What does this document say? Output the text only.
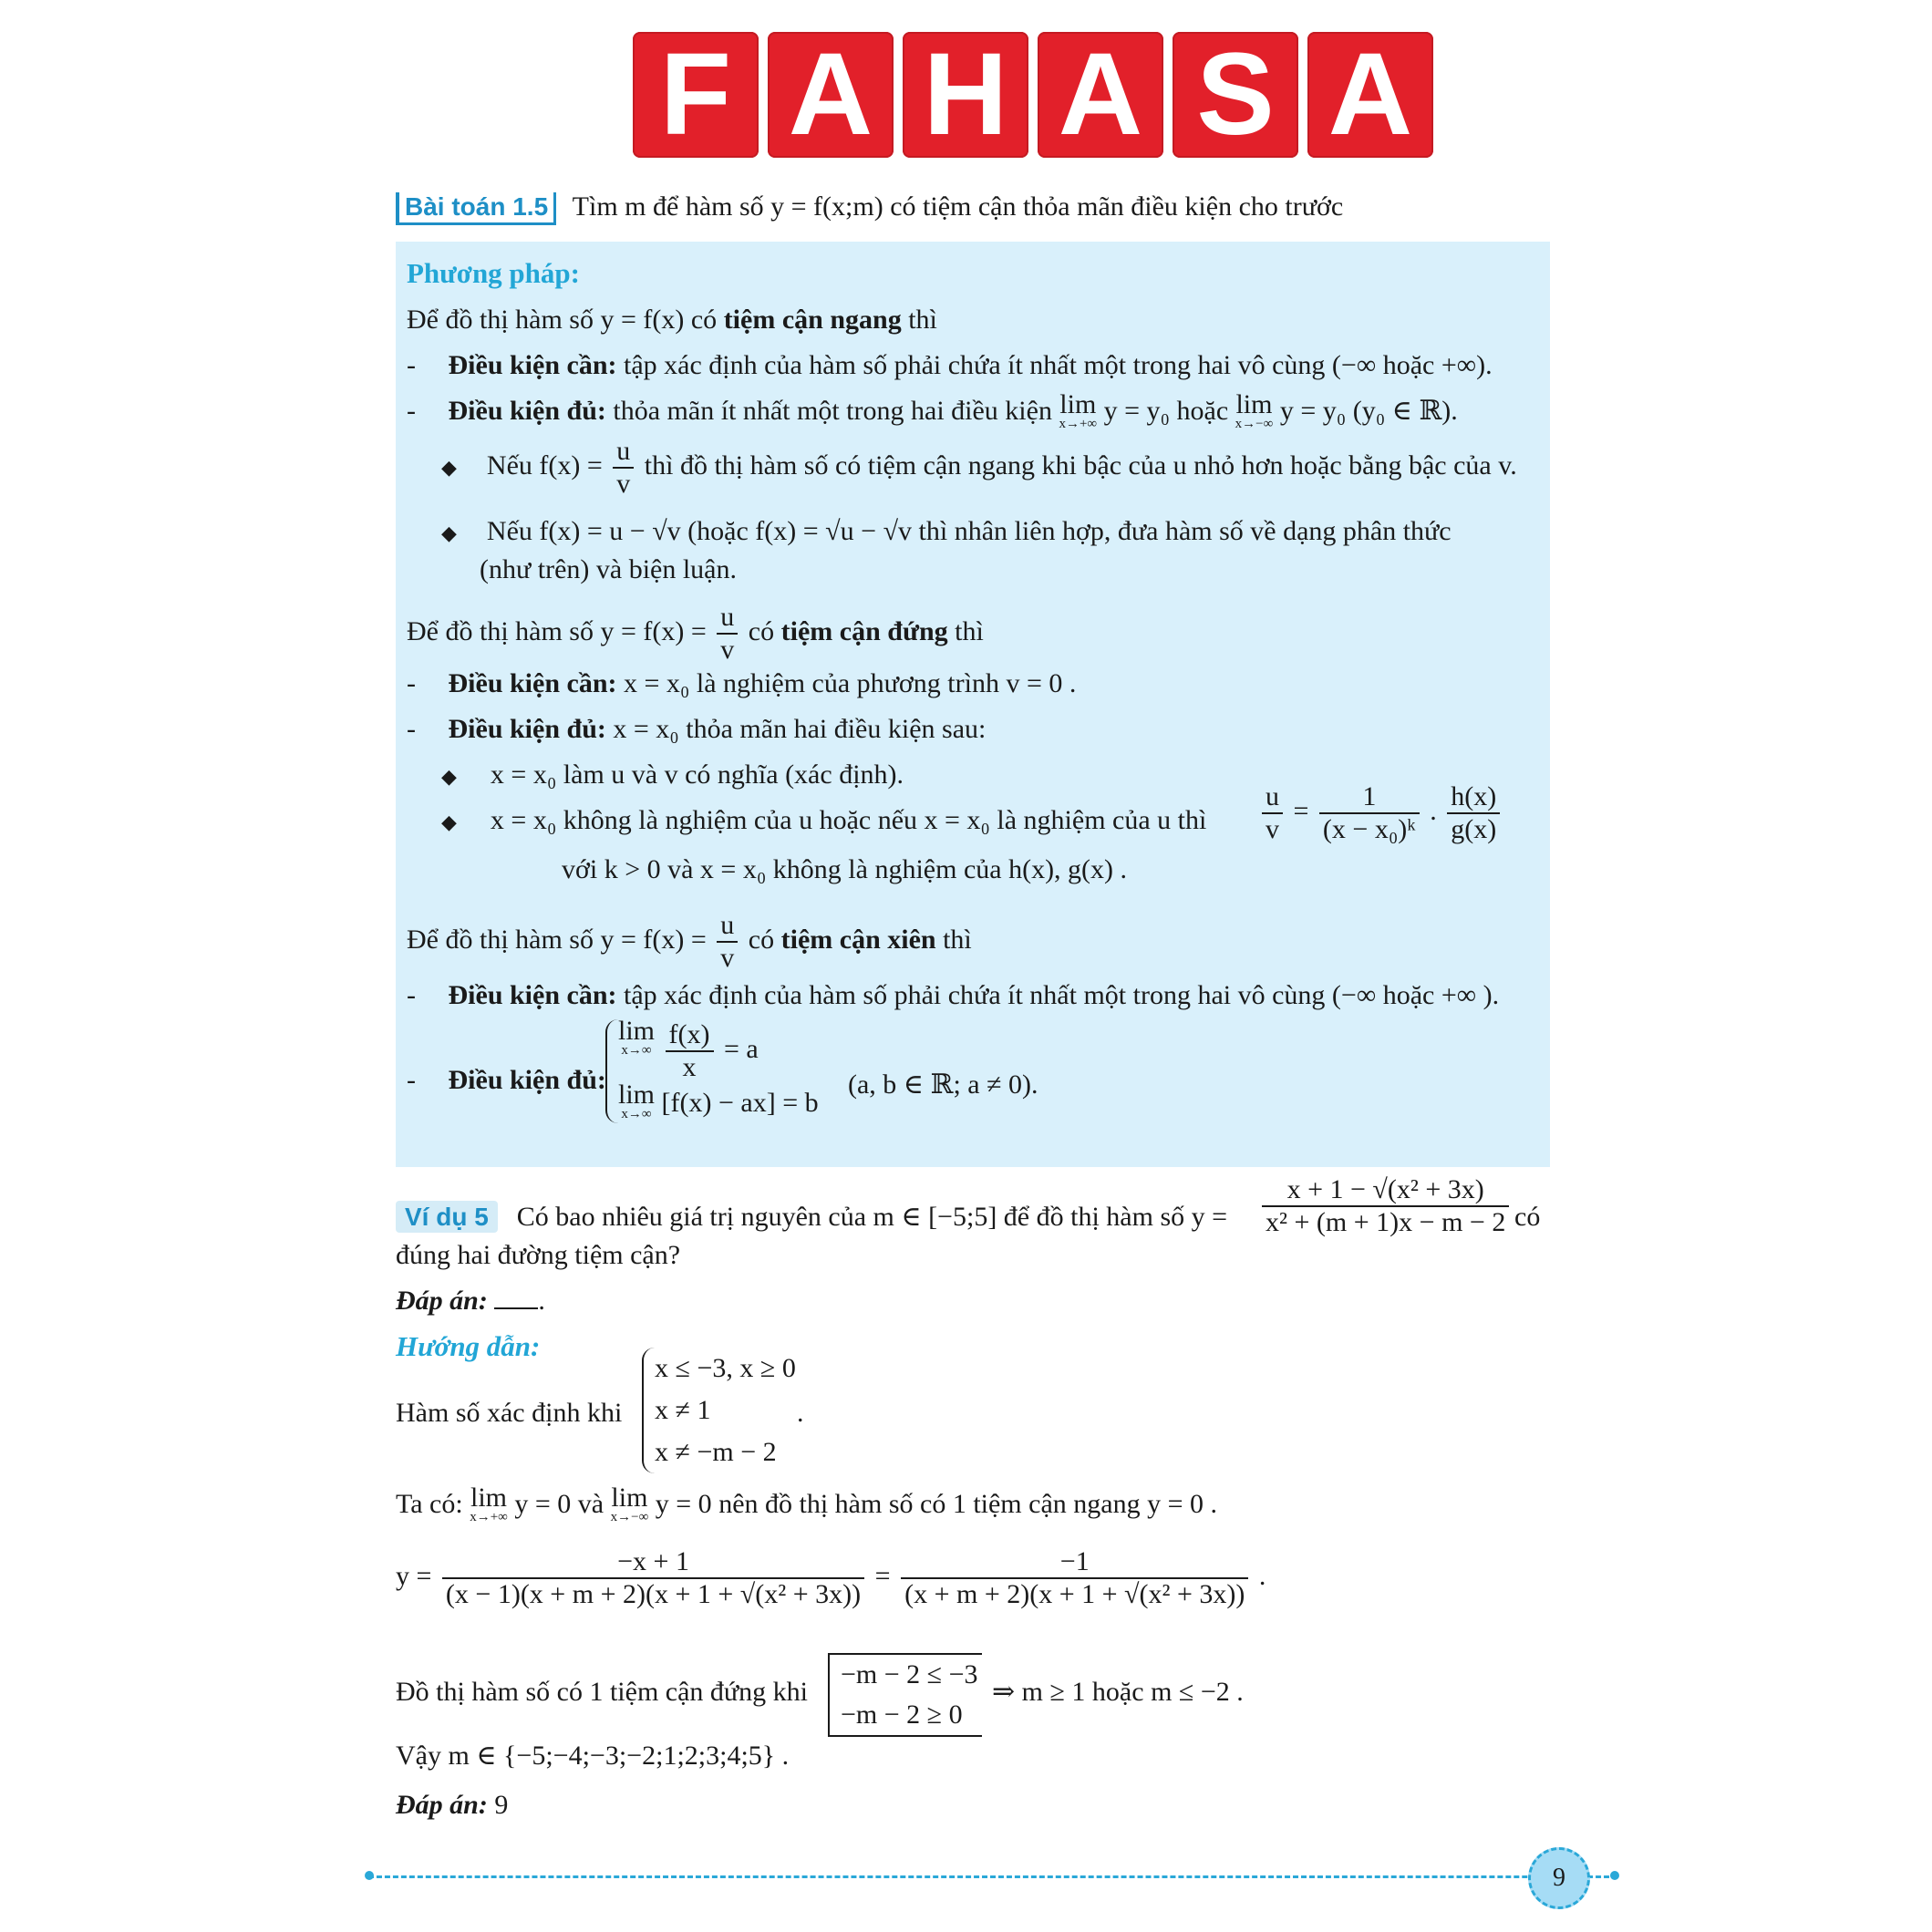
F A H A S A
Bài toán 1.5 Tìm m để hàm số y = f(x;m) có tiệm cận thỏa mãn điều kiện cho trước
Phương pháp:
Để đồ thị hàm số y = f(x) có tiệm cận ngang thì
- Điều kiện cần: tập xác định của hàm số phải chứa ít nhất một trong hai vô cùng (−∞ hoặc +∞).
- Điều kiện đủ: thỏa mãn ít nhất một trong hai điều kiện lim
x→+∞ y = y₀ hoặc lim
x→−∞ y = y₀ (y₀ ∈ ℝ).
◆ Nếu $f(x) = \frac{u}{v}$ thì đồ thị hàm số có tiệm cận ngang khi bậc của u nhỏ hơn hoặc bằng bậc của v.
◆ Nếu f(x) = u − √v (hoặc f(x) = √u − √v thì nhân liên hợp, đưa hàm số về dạng phân thức
(như trên) và biện luận.
Để đồ thị hàm số $y = f(x) = \frac{u}{v}$ có tiệm cận đứng thì
- Điều kiện cần: x = x₀ là nghiệm của phương trình v = 0 .
- Điều kiện đủ: x = x₀ thỏa mãn hai điều kiện sau:
◆ x = x₀ làm u và v có nghĩa (xác định).
◆ x = x₀ không là nghiệm của u hoặc nếu x = x₀ là nghiệm của u thì $\frac{u}{v} = \frac{1}{\text{(x − x₀)ᵏ}}$ . $\frac{h(x)}{g(x)}$
với k > 0 và x = x₀ không là nghiệm của h(x), g(x) .
Để đồ thị hàm số $y = f(x) = \frac{u}{v}$ có tiệm cận xiên thì
- Điều kiện cần: tập xác định của hàm số phải chứa ít nhất một trong hai vô cùng (−∞ hoặc +∞ ).
- Điều kiện đủ:
lim
x→∞
$\frac{f(x)}{x} = a$
lim
x→∞ [f(x) − ax] = b
(a, b ∈ ℝ; a ≠ 0).
Ví dụ 5 Có bao nhiêu giá trị nguyên của m ∈ [−5;5] để đồ thị hàm số $y = \frac{\text{x + 1 − √(x² + 3x)}}{\text{x² + (m + 1)x − m − 2}}$ có
đúng hai đường tiệm cận?
Đáp án: .
Hướng dẫn:
Hàm số xác định khi
x ≤ −3, x ≥ 0
x ≠ 1
x ≠ −m − 2
.
Ta có: lim
x→+∞ y = 0 và lim
x→−∞ y = 0 nên đồ thị hàm số có 1 tiệm cận ngang y = 0 .
$y = \frac{-x + 1}{\text{(x − 1)(x + m + 2)(x + 1 + √(x² + 3x))}} = \frac{-1}{\text{(x + m + 2)(x + 1 + √(x² + 3x))}}$ .
Đồ thị hàm số có 1 tiệm cận đứng khi
−m − 2 ≤ −3
−m − 2 ≥ 0
⇒ m ≥ 1 hoặc m ≤ −2 .
Vậy m ∈ {−5;−4;−3;−2;1;2;3;4;5} .
Đáp án: 9
9
